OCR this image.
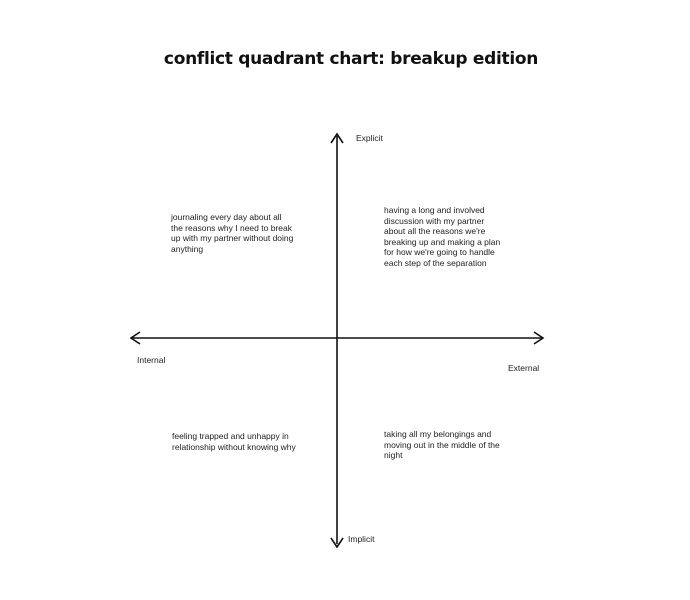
conflict quadrant chart: breakup edition
Explicit
Implicit
Internal
External
journaling every day about all the reasons why I need to break up with my partner without doing anything
having a long and involved discussion with my partner about all the reasons we're breaking up and making a plan for how we're going to handle each step of the separation
feeling trapped and unhappy in relationship without knowing why
taking all my belongings and moving out in the middle of the night
